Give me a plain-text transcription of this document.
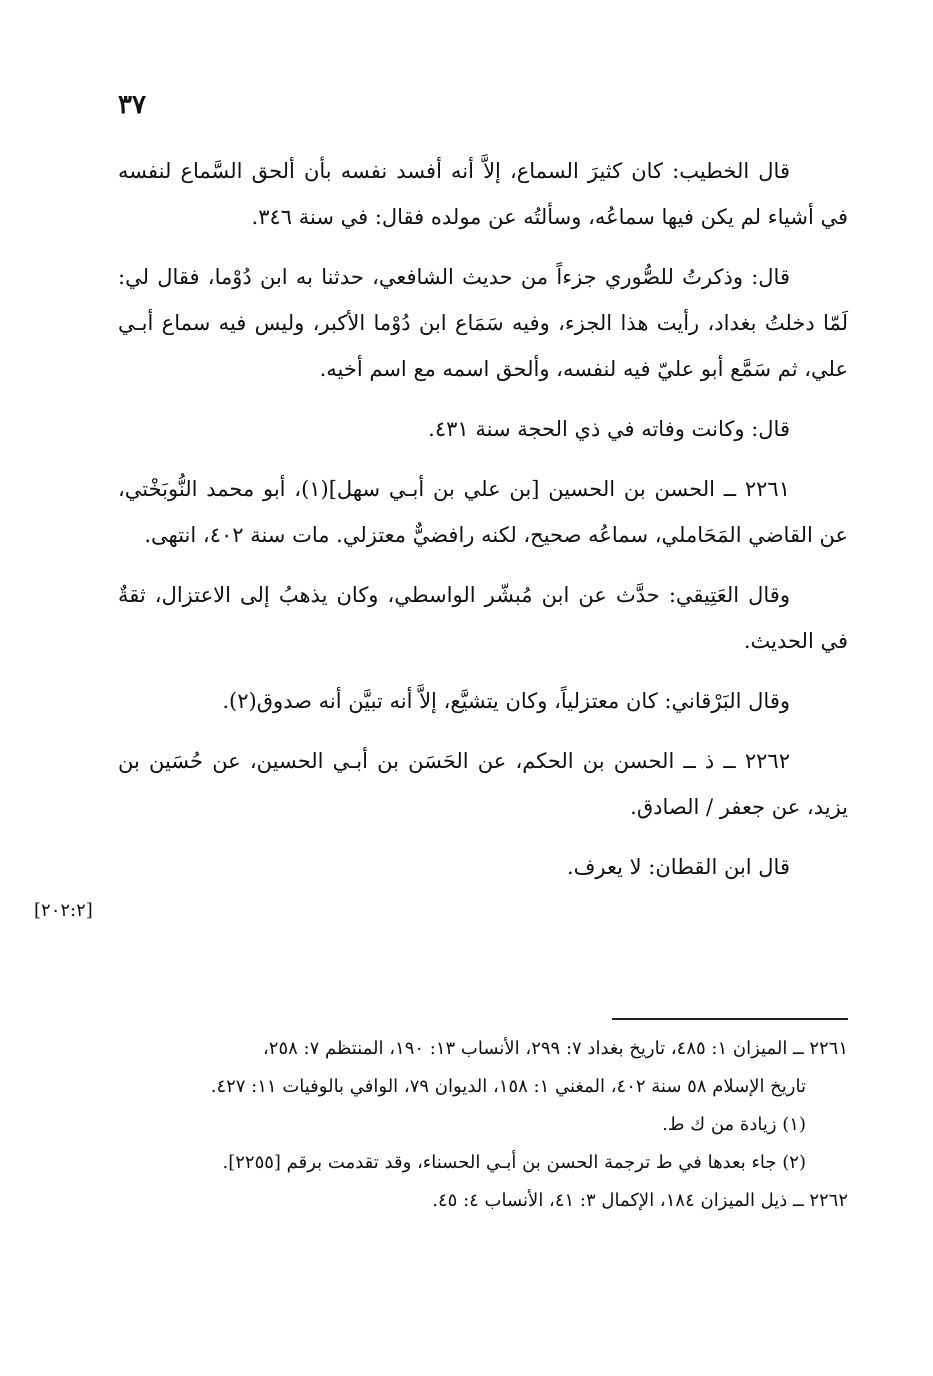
٣٧

قال الخطيب: كان كثيرَ السماع، إلاَّ أنه أفسد نفسه بأن ألحق السَّماع لنفسه في أشياء لم يكن فيها سماعُه، وسألتُه عن مولده فقال: في سنة ٣٤٦.

قال: وذكرتُ للصُّوري جزءاً من حديث الشافعي، حدثنا به ابن دُوْما، فقال لي: لَمّا دخلتُ بغداد، رأيت هذا الجزء، وفيه سَمَاع ابن دُوْما الأكبر، وليس فيه سماع أبـي علي، ثم سَمَّع أبو عليّ فيه لنفسه، وألحق اسمه مع اسم أخيه.

قال: وكانت وفاته في ذي الحجة سنة ٤٣١.

٢٢٦١ ــ الحسن بن الحسين [بن علي بن أبـي سهل](١)، أبو محمد النُّوبَخْتي، عن القاضي المَحَاملي، سماعُه صحيح، لكنه رافضيٌّ معتزلي. مات سنة ٤٠٢، انتهى.

وقال العَتِيقي: حدَّث عن ابن مُبشّر الواسطي، وكان يذهبُ إلى الاعتزال، ثقةٌ في الحديث.

وقال البَرْقاني: كان معتزلياً، وكان يتشيَّع، إلاَّ أنه تبيَّن أنه صدوق(٢).

٢٢٦٢ ــ ذ ــ الحسن بن الحكم، عن الحَسَن بن أبـي الحسين، عن حُسَين بن يزيد، عن جعفر / الصادق.

قال ابن القطان: لا يعرف.

[٢٠٢:٢]

٢٢٦١ ــ الميزان ١: ٤٨٥، تاريخ بغداد ٧: ٢٩٩، الأنساب ١٣: ١٩٠، المنتظم ٧: ٢٥٨،

تاريخ الإسلام ٥٨ سنة ٤٠٢، المغني ١: ١٥٨، الديوان ٧٩، الوافي بالوفيات ١١: ٤٢٧.

(١) زيادة من ك ط.

(٢) جاء بعدها في ط ترجمة الحسن بن أبـي الحسناء، وقد تقدمت برقم [٢٢٥٥].

٢٢٦٢ ــ ذيل الميزان ١٨٤، الإكمال ٣: ٤١، الأنساب ٤: ٤٥.
